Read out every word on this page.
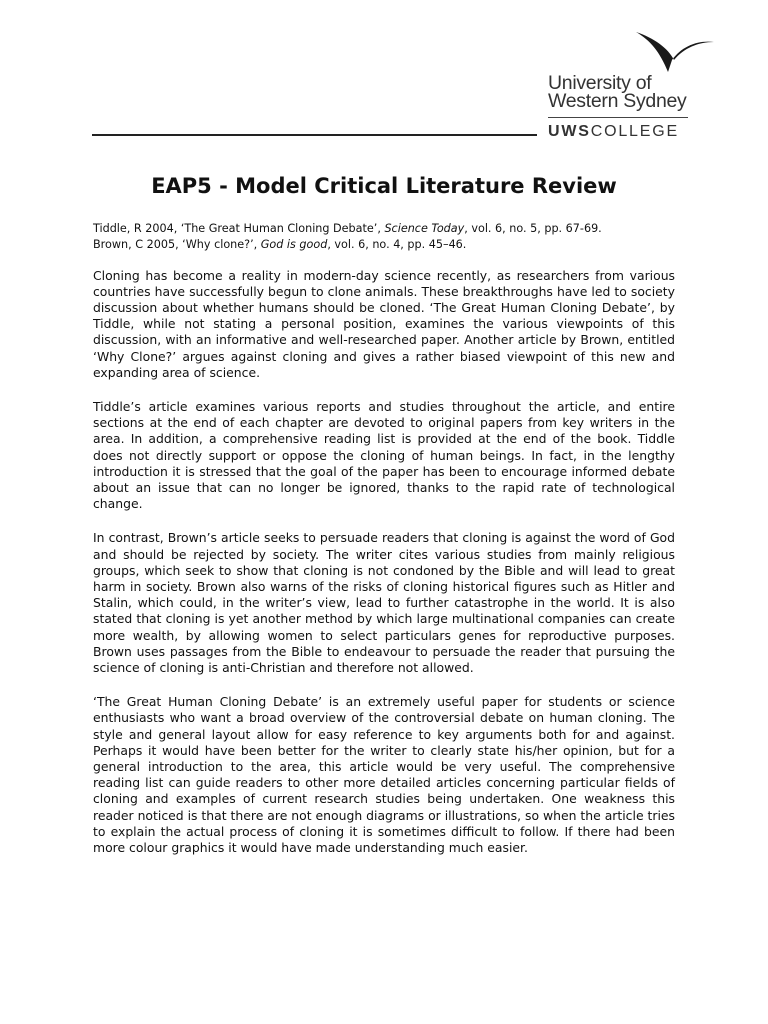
University of
Western Sydney
UWSCOLLEGE
EAP5 - Model Critical Literature Review

Tiddle, R 2004, ‘The Great Human Cloning Debate’, Science Today, vol. 6, no. 5, pp. 67-69.

Brown, C 2005, ‘Why clone?’, God is good, vol. 6, no. 4, pp. 45–46.

Cloning has become a reality in modern-day science recently, as researchers from various countries have successfully begun to clone animals. These breakthroughs have led to society discussion about whether humans should be cloned. ‘The Great Human Cloning Debate’, by Tiddle, while not stating a personal position, examines the various viewpoints of this discussion, with an informative and well-researched paper. Another article by Brown, entitled ‘Why Clone?’ argues against cloning and gives a rather biased viewpoint of this new and expanding area of science.

Tiddle’s article examines various reports and studies throughout the article, and entire sections at the end of each chapter are devoted to original papers from key writers in the area. In addition, a comprehensive reading list is provided at the end of the book. Tiddle does not directly support or oppose the cloning of human beings. In fact, in the lengthy introduction it is stressed that the goal of the paper has been to encourage informed debate about an issue that can no longer be ignored, thanks to the rapid rate of technological change.

In contrast, Brown’s article seeks to persuade readers that cloning is against the word of God and should be rejected by society. The writer cites various studies from mainly religious groups, which seek to show that cloning is not condoned by the Bible and will lead to great harm in society. Brown also warns of the risks of cloning historical figures such as Hitler and Stalin, which could, in the writer’s view, lead to further catastrophe in the world. It is also stated that cloning is yet another method by which large multinational companies can create more wealth, by allowing women to select particulars genes for reproductive purposes. Brown uses passages from the Bible to endeavour to persuade the reader that pursuing the science of cloning is anti-Christian and therefore not allowed.

‘The Great Human Cloning Debate’ is an extremely useful paper for students or science enthusiasts who want a broad overview of the controversial debate on human cloning. The style and general layout allow for easy reference to key arguments both for and against. Perhaps it would have been better for the writer to clearly state his/her opinion, but for a general introduction to the area, this article would be very useful. The comprehensive reading list can guide readers to other more detailed articles concerning particular fields of cloning and examples of current research studies being undertaken. One weakness this reader noticed is that there are not enough diagrams or illustrations, so when the article tries to explain the actual process of cloning it is sometimes difficult to follow. If there had been more colour graphics it would have made understanding much easier.
